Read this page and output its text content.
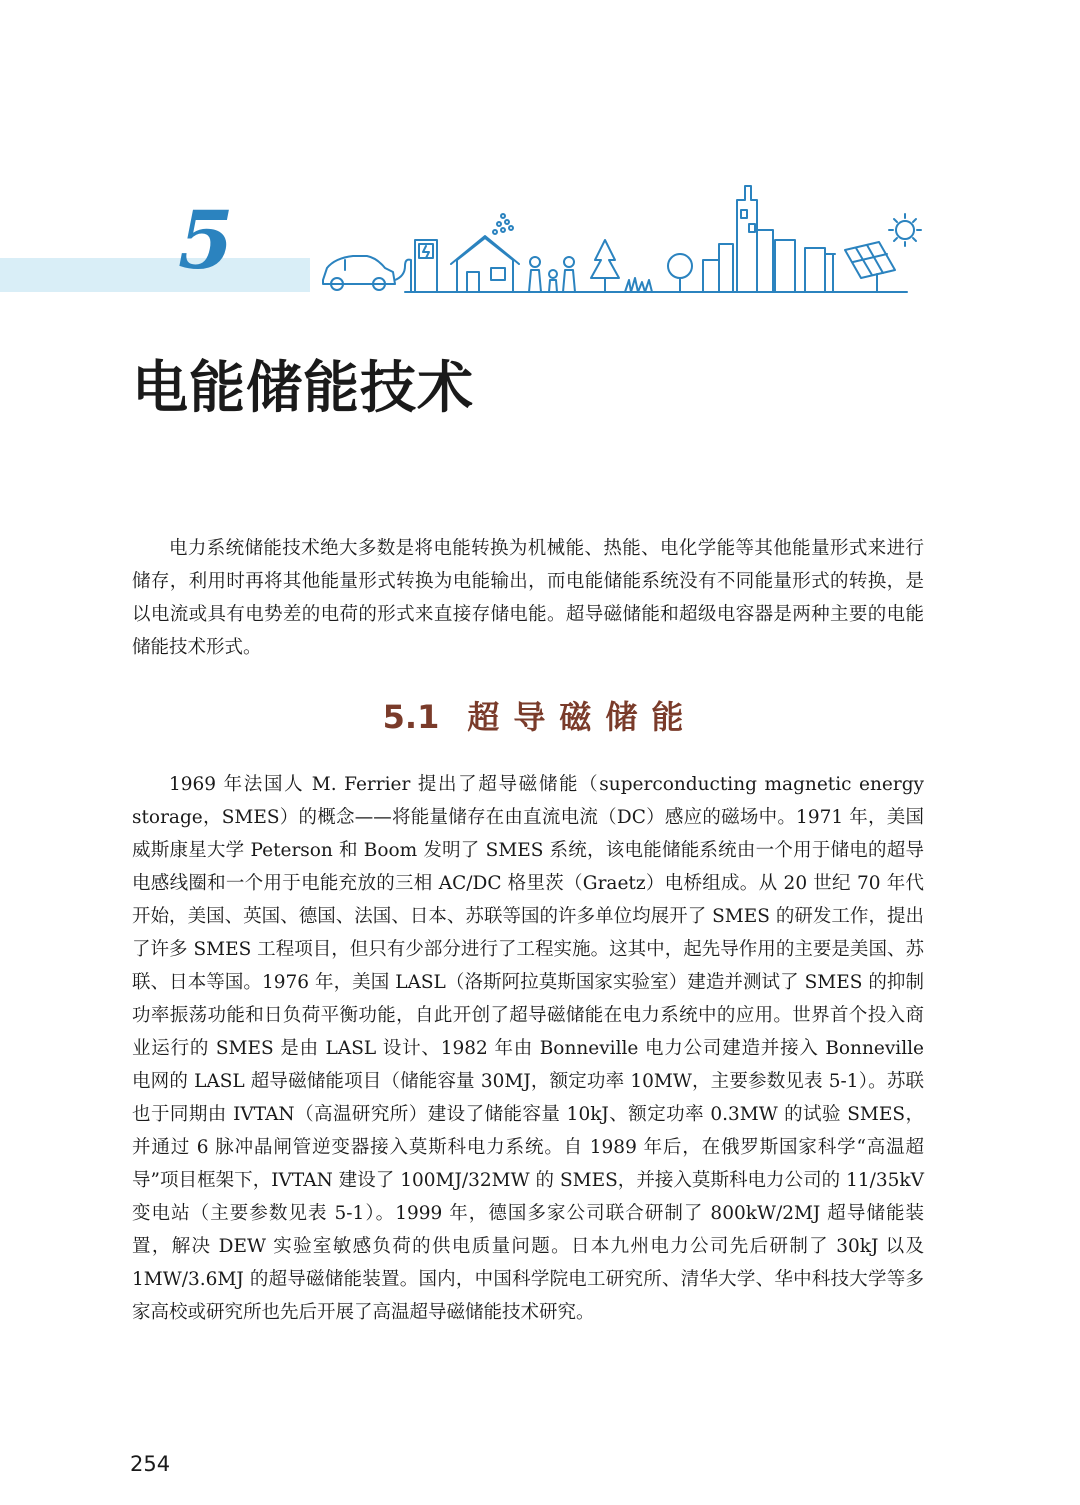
5
电能储能技术

电力系统储能技术绝大多数是将电能转换为机械能、热能、电化学能等其他能量形式来进行储存，利用时再将其他能量形式转换为电能输出，而电能储能系统没有不同能量形式的转换，是以电流或具有电势差的电荷的形式来直接存储电能。超导磁储能和超级电容器是两种主要的电能储能技术形式。

5.1 超导磁储能

1969 年法国人 M. Ferrier 提出了超导磁储能（superconducting magnetic energy storage，SMES）的概念——将能量储存在由直流电流（DC）感应的磁场中。1971 年，美国威斯康星大学 Peterson 和 Boom 发明了 SMES 系统，该电能储能系统由一个用于储电的超导电感线圈和一个用于电能充放的三相 AC/DC 格里茨（Graetz）电桥组成。从 20 世纪 70 年代开始，美国、英国、德国、法国、日本、苏联等国的许多单位均展开了 SMES 的研发工作，提出了许多 SMES 工程项目，但只有少部分进行了工程实施。这其中，起先导作用的主要是美国、苏联、日本等国。1976 年，美国 LASL（洛斯阿拉莫斯国家实验室）建造并测试了 SMES 的抑制功率振荡功能和日负荷平衡功能，自此开创了超导磁储能在电力系统中的应用。世界首个投入商业运行的 SMES 是由 LASL 设计、1982 年由 Bonneville 电力公司建造并接入 Bonneville 电网的 LASL 超导磁储能项目（储能容量 30MJ，额定功率 10MW，主要参数见表 5-1）。苏联也于同期由 IVTAN（高温研究所）建设了储能容量 10kJ、额定功率 0.3MW 的试验 SMES，并通过 6 脉冲晶闸管逆变器接入莫斯科电力系统。自 1989 年后，在俄罗斯国家科学“高温超导”项目框架下，IVTAN 建设了 100MJ/32MW 的 SMES，并接入莫斯科电力公司的 11/35kV 变电站（主要参数见表 5-1）。1999 年，德国多家公司联合研制了 800kW/2MJ 超导储能装置，解决 DEW 实验室敏感负荷的供电质量问题。日本九州电力公司先后研制了 30kJ 以及 1MW/3.6MJ 的超导磁储能装置。国内，中国科学院电工研究所、清华大学、华中科技大学等多家高校或研究所也先后开展了高温超导磁储能技术研究。

254
